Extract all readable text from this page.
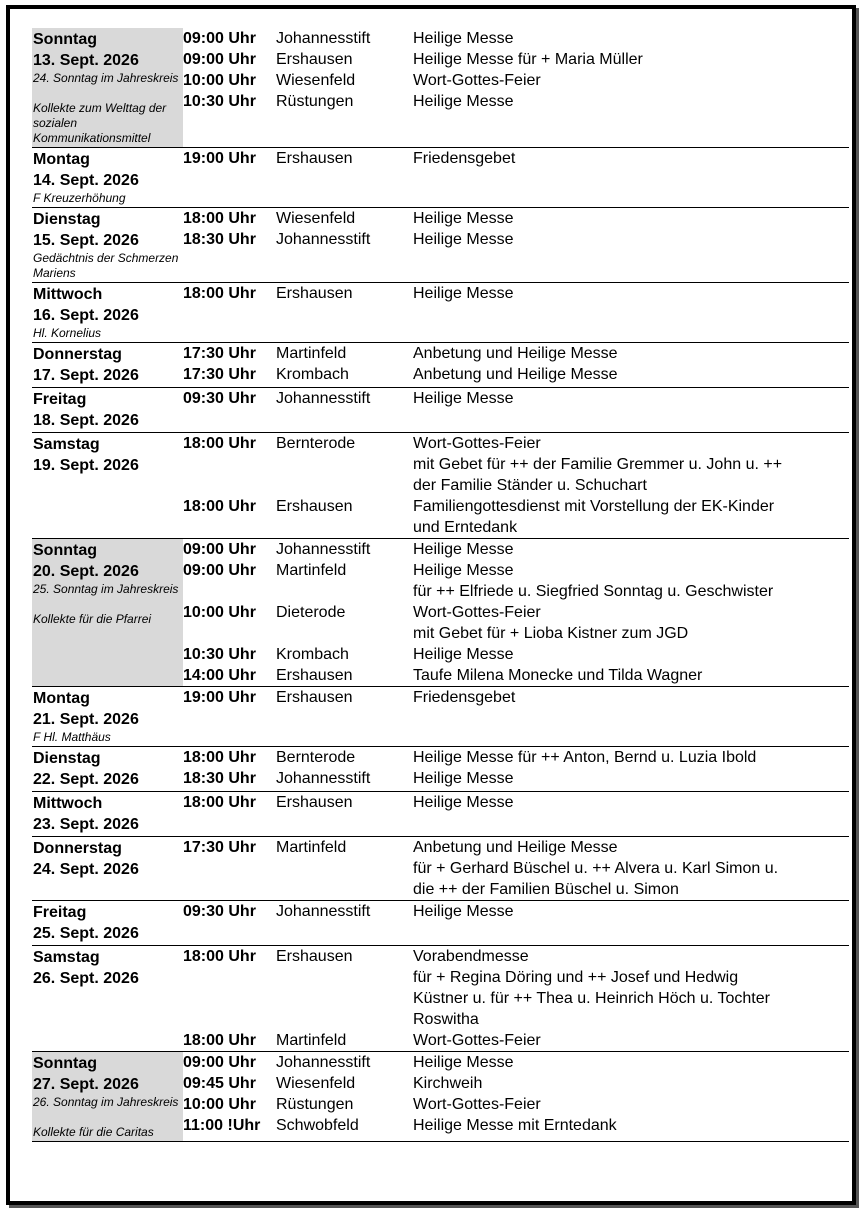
Sonntag
13. Sept. 2026
24. Sonntag im Jahreskreis
Kollekte zum Welttag der sozialen Kommunikationsmittel
09:00 Uhr	Johannesstift	Heilige Messe
09:00 Uhr	Ershausen	Heilige Messe für + Maria Müller
10:00 Uhr	Wiesenfeld	Wort-Gottes-Feier
10:30 Uhr	Rüstungen	Heilige Messe
Montag
14. Sept. 2026
F Kreuzerhöhung
19:00 Uhr	Ershausen	Friedensgebet
Dienstag
15. Sept. 2026
Gedächtnis der Schmerzen Mariens
18:00 Uhr	Wiesenfeld	Heilige Messe
18:30 Uhr	Johannesstift	Heilige Messe
Mittwoch
16. Sept. 2026
Hl. Kornelius
18:00 Uhr	Ershausen	Heilige Messe
Donnerstag
17. Sept. 2026
17:30 Uhr	Martinfeld	Anbetung und Heilige Messe
17:30 Uhr	Krombach	Anbetung und Heilige Messe
Freitag
18. Sept. 2026
09:30 Uhr	Johannesstift	Heilige Messe
Samstag
19. Sept. 2026
18:00 Uhr	Bernterode	Wort-Gottes-Feier
mit Gebet für ++ der Familie Gremmer u. John u. ++
der Familie Ständer u. Schuchart
18:00 Uhr	Ershausen	Familiengottesdienst mit Vorstellung der EK-Kinder
und Erntedank
Sonntag
20. Sept. 2026
25. Sonntag im Jahreskreis
Kollekte für die Pfarrei
09:00 Uhr	Johannesstift	Heilige Messe
09:00 Uhr	Martinfeld	Heilige Messe
für ++ Elfriede u. Siegfried Sonntag u. Geschwister
10:00 Uhr	Dieterode	Wort-Gottes-Feier
mit Gebet für + Lioba Kistner zum JGD
10:30 Uhr	Krombach	Heilige Messe
14:00 Uhr	Ershausen	Taufe Milena Monecke und Tilda Wagner
Montag
21. Sept. 2026
F Hl. Matthäus
19:00 Uhr	Ershausen	Friedensgebet
Dienstag
22. Sept. 2026
18:00 Uhr	Bernterode	Heilige Messe für ++ Anton, Bernd u. Luzia Ibold
18:30 Uhr	Johannesstift	Heilige Messe
Mittwoch
23. Sept. 2026
18:00 Uhr	Ershausen	Heilige Messe
Donnerstag
24. Sept. 2026
17:30 Uhr	Martinfeld	Anbetung und Heilige Messe
für + Gerhard Büschel u. ++ Alvera u. Karl Simon u.
die ++ der Familien Büschel u. Simon
Freitag
25. Sept. 2026
09:30 Uhr	Johannesstift	Heilige Messe
Samstag
26. Sept. 2026
18:00 Uhr	Ershausen	Vorabendmesse
für + Regina Döring und ++ Josef und Hedwig
Küstner u. für ++ Thea u. Heinrich Höch u. Tochter
Roswitha
18:00 Uhr	Martinfeld	Wort-Gottes-Feier
Sonntag
27. Sept. 2026
26. Sonntag im Jahreskreis
Kollekte für die Caritas
09:00 Uhr	Johannesstift	Heilige Messe
09:45 Uhr	Wiesenfeld	Kirchweih
10:00 Uhr	Rüstungen	Wort-Gottes-Feier
11:00 !Uhr Schwobfeld	Heilige Messe mit Erntedank
